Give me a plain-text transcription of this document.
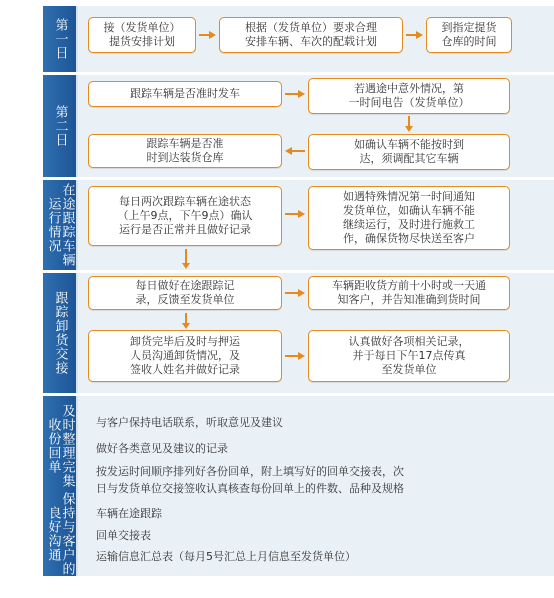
第一日
第二日
在途跟踪车辆运行情况
跟踪卸货交接
及时整理完集收份回单
保持与客户的良好沟通
接（发货单位）
提货安排计划
根据（发货单位）要求合理
安排车辆、车次的配载计划
到指定提货
仓库的时间
跟踪车辆是否准时发车	若遇途中意外情况，第
一时间电告（发货单位）
跟踪车辆是否准
时到达装货仓库
如确认车辆不能按时到
达，须调配其它车辆
每日两次跟踪车辆在途状态
（上午9点，下午9点）确认
运行是否正常并且做好记录
如遇特殊情况第一时间通知
发货单位，如确认车辆不能
继续运行，及时进行施救工
作，确保货物尽快送至客户
每日做好在途跟踪记
录，反馈至发货单位
车辆距收货方前十小时或一天通
知客户，并告知准确到货时间
卸货完毕后及时与押运
人员沟通卸货情况，及
签收人姓名并做好记录
认真做好各项相关记录，
并于每日下午17点传真
至发货单位
与客户保持电话联系，听取意见及建议
做好各类意见及建议的记录
按发运时间顺序排列好各份回单，附上填写好的回单交接表，次
日与发货单位交接签收认真核查每份回单上的件数、品种及规格
车辆在途跟踪
回单交接表
运输信息汇总表（每月5号汇总上月信息至发货单位）
